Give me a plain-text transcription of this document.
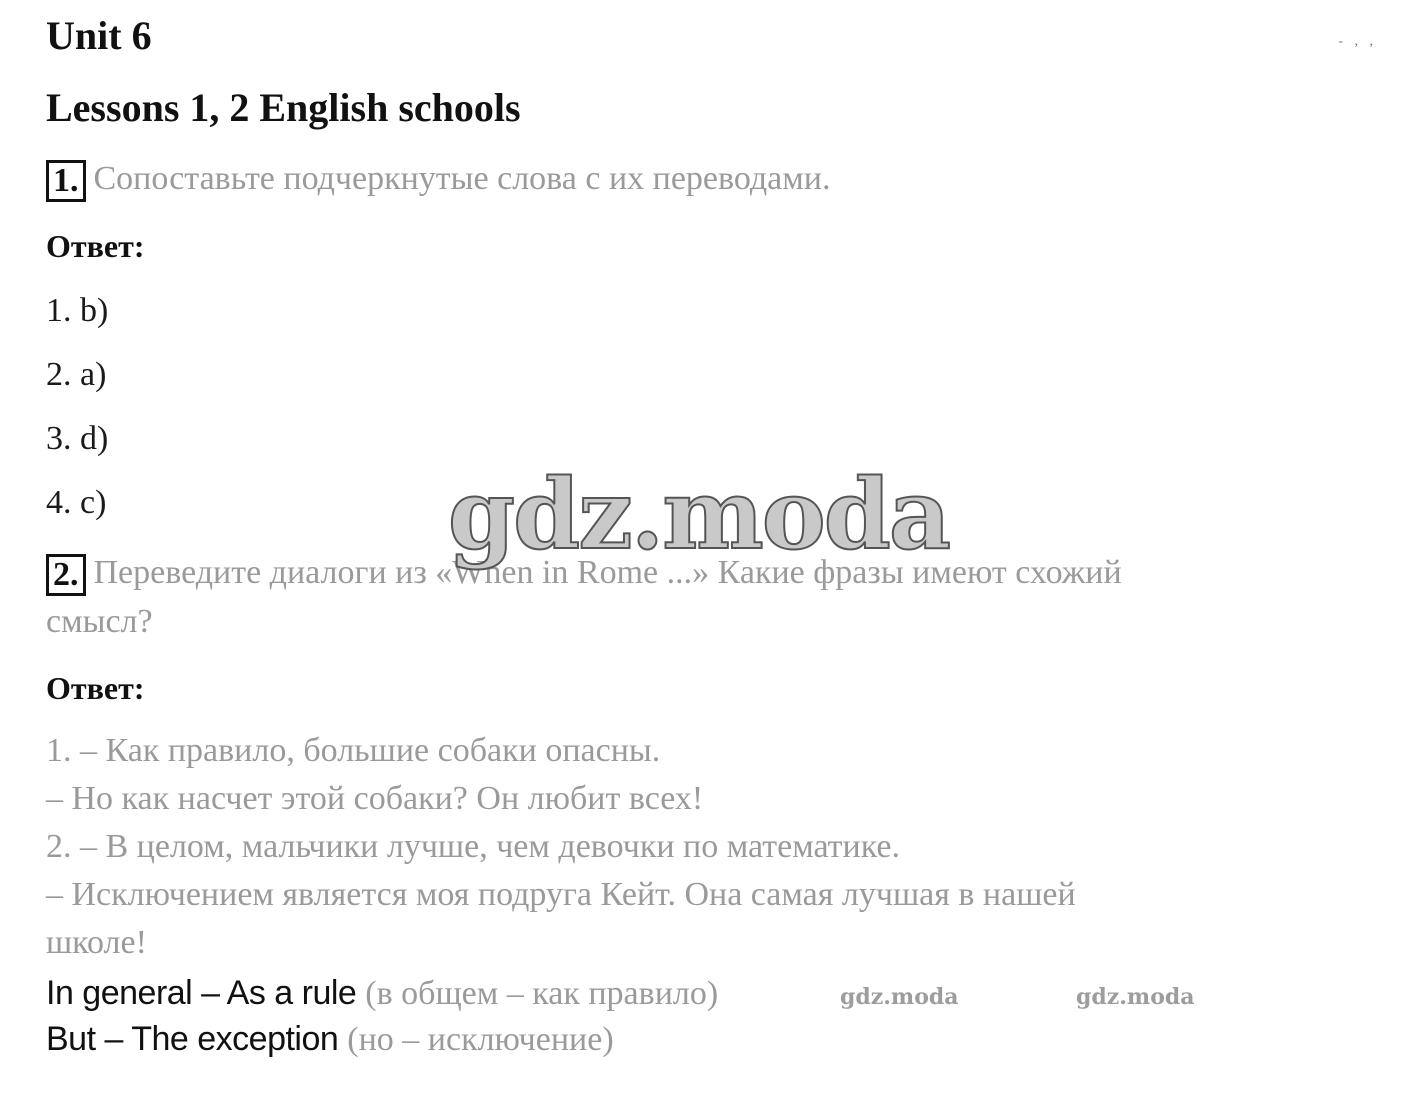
- , ,
Unit 6
Lessons 1, 2 English schools
1. Сопоставьте подчеркнутые слова с их переводами.
Ответ:
1. b)
2. a)
3. d)
4. c)
2. Переведите диалоги из «When in Rome ...» Какие фразы имеют схожий
смысл?
Ответ:
1. – Как правило, большие собаки опасны.
– Но как насчет этой собаки? Он любит всех!
2. – В целом, мальчики лучше, чем девочки по математике.
– Исключением является моя подруга Кейт. Она самая лучшая в нашей
школе!
In general – As a rule (в общем – как правило)
But – The exception (но – исключение)
gdz.moda
gdz.moda	gdz.moda
